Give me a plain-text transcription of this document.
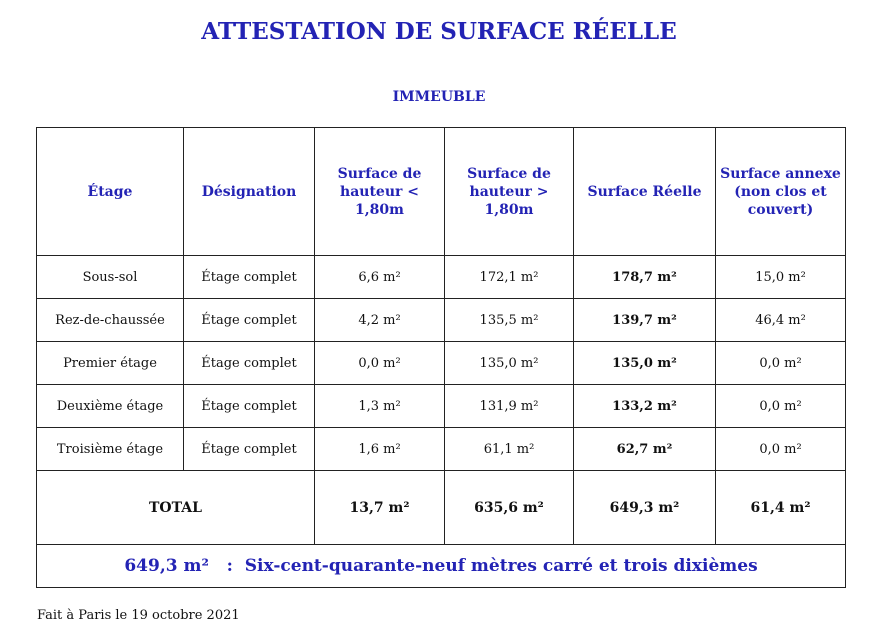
ATTESTATION DE SURFACE RÉELLE
IMMEUBLE
Étage	Désignation	Surface de hauteur < 1,80m	Surface de hauteur > 1,80m	Surface Réelle	Surface annexe (non clos et couvert)
Sous-sol	Étage complet	6,6 m²	172,1 m²	178,7 m²	15,0 m²
Rez-de-chaussée	Étage complet	4,2 m²	135,5 m²	139,7 m²	46,4 m²
Premier étage	Étage complet	0,0 m²	135,0 m²	135,0 m²	0,0 m²
Deuxième étage	Étage complet	1,3 m²	131,9 m²	133,2 m²	0,0 m²
Troisième étage	Étage complet	1,6 m²	61,1 m²	62,7 m²	0,0 m²
TOTAL		13,7 m²	635,6 m²	649,3 m²	61,4 m²
649,3 m²   :  Six-cent-quarante-neuf mètres carré et trois dixièmes					
Fait à Paris le 19 octobre 2021
